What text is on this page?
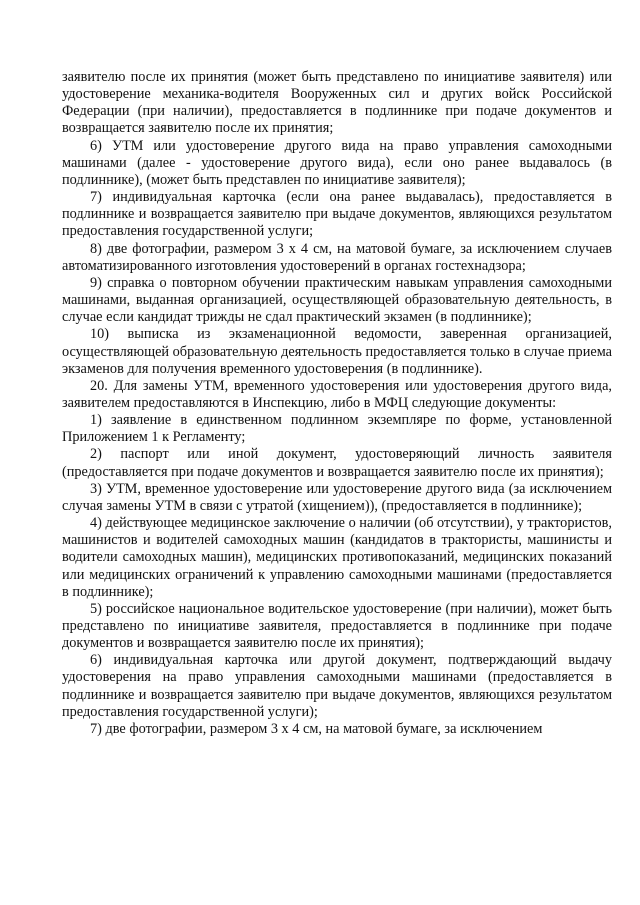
заявителю после их принятия (может быть представлено по инициативе заявителя) или удостоверение механика-водителя Вооруженных сил и других войск Российской Федерации (при наличии), предоставляется в подлиннике при подаче документов и возвращается заявителю после их принятия;

6) УТМ или удостоверение другого вида на право управления самоходными машинами (далее - удостоверение другого вида), если оно ранее выдавалось (в подлиннике), (может быть представлен по инициативе заявителя);

7) индивидуальная карточка (если она ранее выдавалась), предоставляется в подлиннике и возвращается заявителю при выдаче документов, являющихся результатом предоставления государственной услуги;

8) две фотографии, размером 3 х 4 см, на матовой бумаге, за исключением случаев автоматизированного изготовления удостоверений в органах гостехнадзора;

9) справка о повторном обучении практическим навыкам управления самоходными машинами, выданная организацией, осуществляющей образовательную деятельность, в случае если кандидат трижды не сдал практический экзамен (в подлиннике);

10) выписка из экзаменационной ведомости, заверенная организацией, осуществляющей образовательную деятельность предоставляется только в случае приема экзаменов для получения временного удостоверения (в подлиннике).

20. Для замены УТМ, временного удостоверения или удостоверения другого вида, заявителем предоставляются в Инспекцию, либо в МФЦ следующие документы:

1) заявление в единственном подлинном экземпляре по форме, установленной Приложением 1 к Регламенту;

2) паспорт или иной документ, удостоверяющий личность заявителя (предоставляется при подаче документов и возвращается заявителю после их принятия);

3) УТМ, временное удостоверение или удостоверение другого вида (за исключением случая замены УТМ в связи с утратой (хищением)), (предоставляется в подлиннике);

4) действующее медицинское заключение о наличии (об отсутствии), у трактористов, машинистов и водителей самоходных машин (кандидатов в трактористы, машинисты и водители самоходных машин), медицинских противопоказаний, медицинских показаний или медицинских ограничений к управлению самоходными машинами (предоставляется в подлиннике);

5) российское национальное водительское удостоверение (при наличии), может быть представлено по инициативе заявителя, предоставляется в подлиннике при подаче документов и возвращается заявителю после их принятия);

6) индивидуальная карточка или другой документ, подтверждающий выдачу удостоверения на право управления самоходными машинами (предоставляется в подлиннике и возвращается заявителю при выдаче документов, являющихся результатом предоставления государственной услуги);

7) две фотографии, размером 3 х 4 см, на матовой бумаге, за исключением
